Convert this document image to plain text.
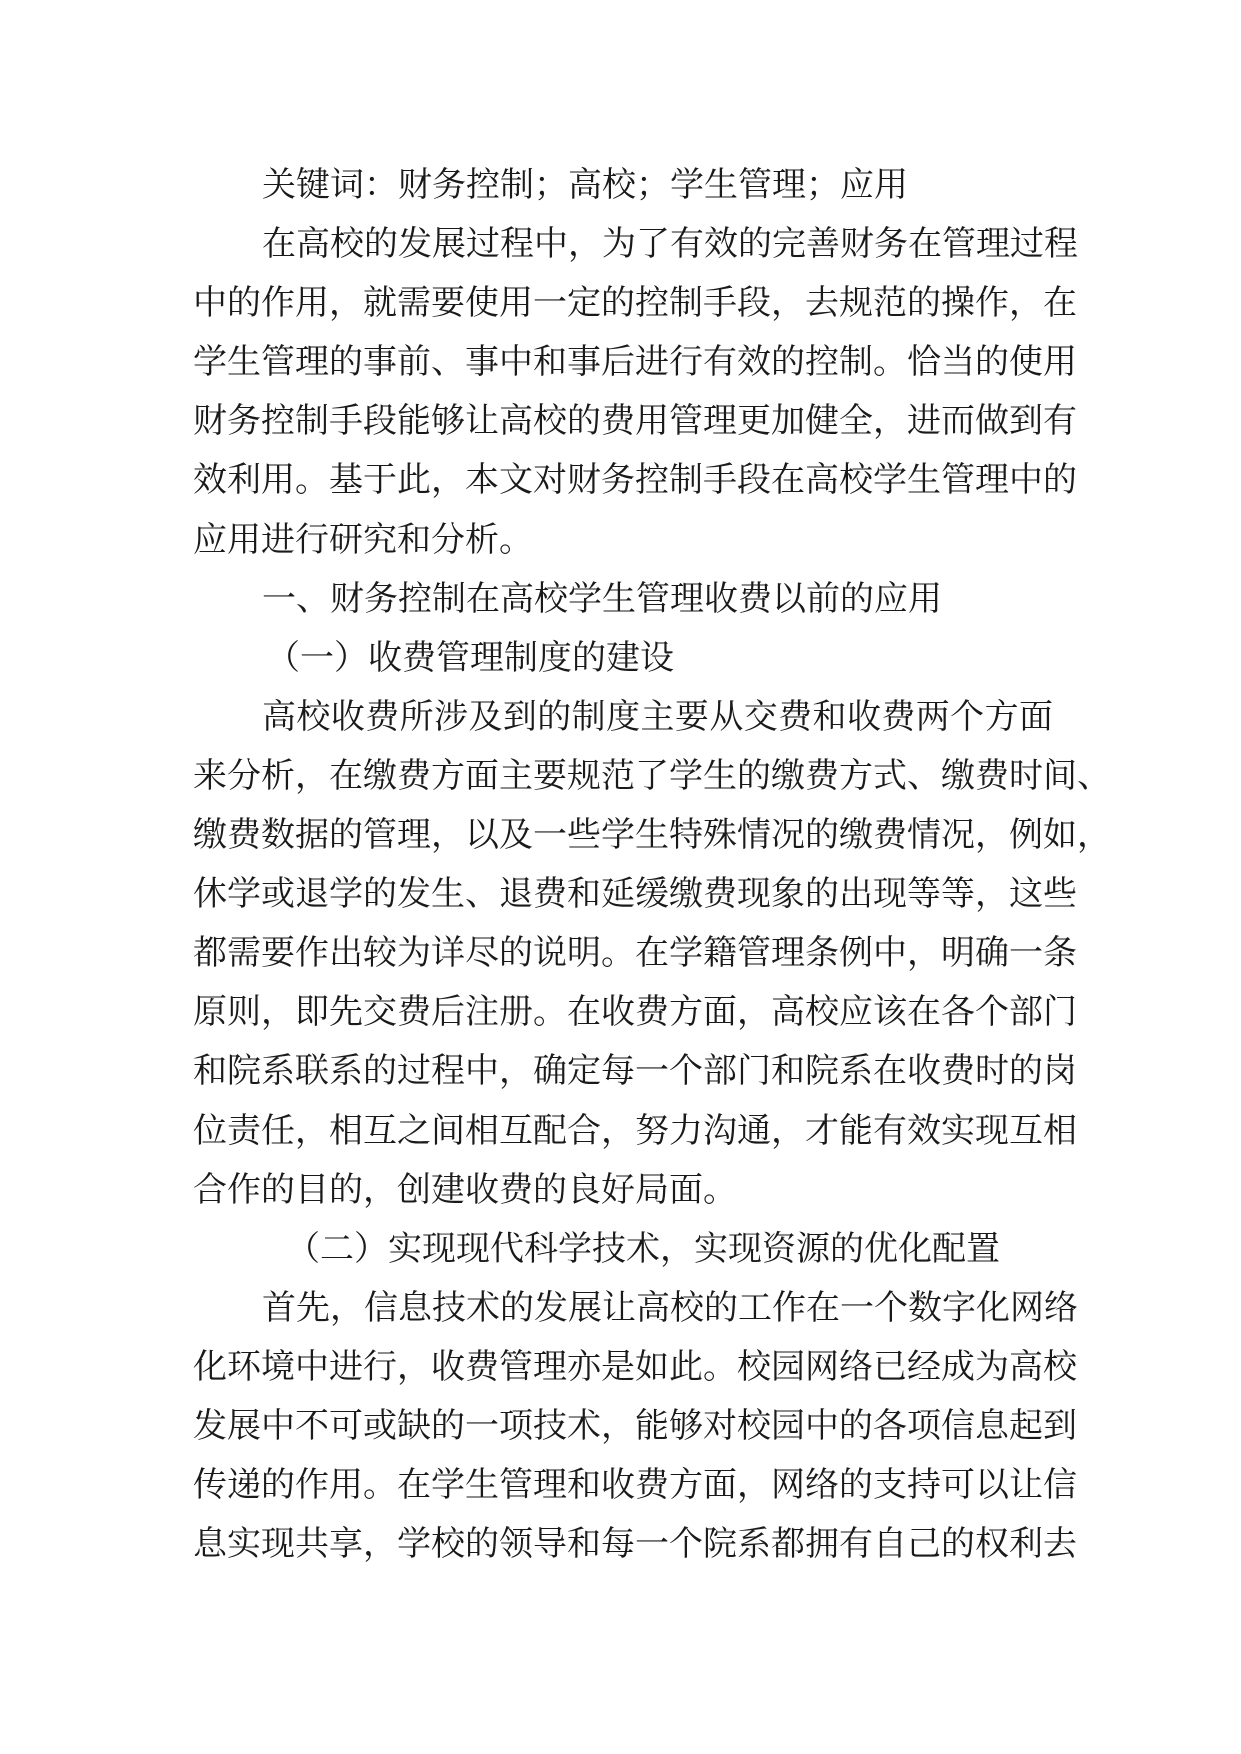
关键词：财务控制；高校；学生管理；应用
在高校的发展过程中，为了有效的完善财务在管理过程
中的作用，就需要使用一定的控制手段，去规范的操作，在
学生管理的事前、事中和事后进行有效的控制。恰当的使用
财务控制手段能够让高校的费用管理更加健全，进而做到有
效利用。基于此，本文对财务控制手段在高校学生管理中的
应用进行研究和分析。
一、财务控制在高校学生管理收费以前的应用
（一）收费管理制度的建设
高校收费所涉及到的制度主要从交费和收费两个方面
来分析，在缴费方面主要规范了学生的缴费方式、缴费时间、
缴费数据的管理，以及一些学生特殊情况的缴费情况，例如，
休学或退学的发生、退费和延缓缴费现象的出现等等，这些
都需要作出较为详尽的说明。在学籍管理条例中，明确一条
原则，即先交费后注册。在收费方面，高校应该在各个部门
和院系联系的过程中，确定每一个部门和院系在收费时的岗
位责任，相互之间相互配合，努力沟通，才能有效实现互相
合作的目的，创建收费的良好局面。
（二）实现现代科学技术，实现资源的优化配置
首先，信息技术的发展让高校的工作在一个数字化网络
化环境中进行，收费管理亦是如此。校园网络已经成为高校
发展中不可或缺的一项技术，能够对校园中的各项信息起到
传递的作用。在学生管理和收费方面，网络的支持可以让信
息实现共享，学校的领导和每一个院系都拥有自己的权利去
